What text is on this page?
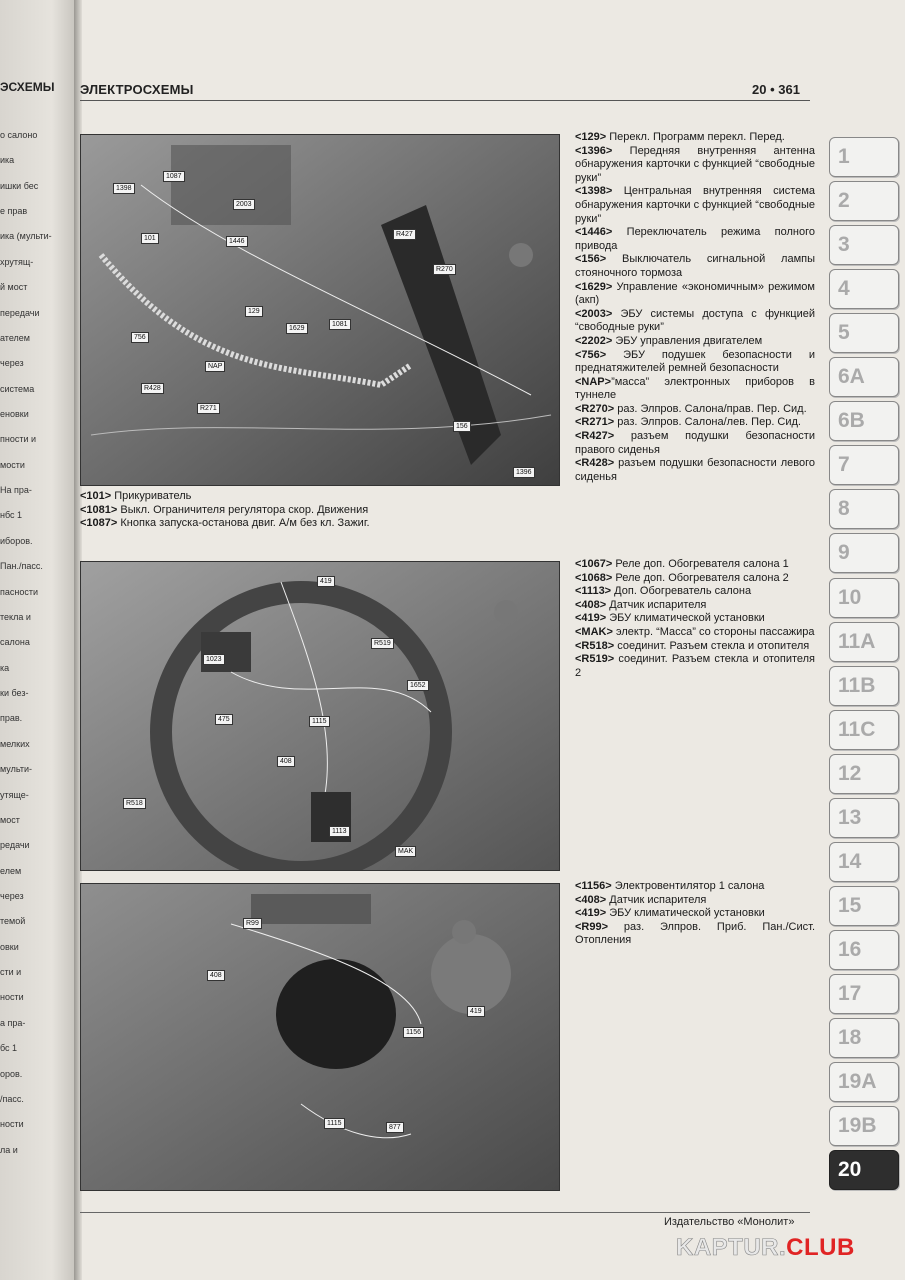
ЭСХЕМЫ
о салоно
ика
ишки бес
е прав
ика (мульти-
хрутящ-
й мост
передачи
ателем
через
система
еновки
пности и
мости
На пра-
нбс 1
иборов.
Пан./пасс.
пасности
текла и
салона
ка
ки без-
прав.
мелких
мульти-
утяще-
мост
редачи
елем
через
темой
овки
сти и
ности
а пра-
бс 1
оров.
/пасс.
ности
ла и
ЭЛЕКТРОСХЕМЫ	20 • 361
1398
1087
2003
101	1446
R427
R270
129
1629
1081
756
NAP
R428
R271
156
1396

<101> Прикуриватель

<1081> Выкл. Ограничителя регулятора скор. Движения

<1087> Кнопка запуска-останова двиг. А/м без кл. Зажиг.

<129> Перекл. Программ перекл. Перед.

<1396> Передняя внутренняя антенна обнаружения карточки с функцией “свободные руки”

<1398> Центральная внутренняя система обнаружения карточки с функцией “свободные руки”

<1446> Переключатель режима полного привода

<156> Выключатель сигнальной лампы стояночного тормоза

<1629> Управление «экономичным» режимом (акп)

<2003> ЭБУ системы доступа с функцией “свободные руки”

<2202> ЭБУ управления двигателем

<756> ЭБУ подушек безопасности и преднатяжителей ремней безопасности

<NAP>”масса” электронных приборов в туннеле

<R270> раз. Элпров. Салона/прав. Пер. Сид.

<R271> раз. Элпров. Салона/лев. Пер. Сид.

<R427> разъем подушки безопасности правого сиденья

<R428> разъем подушки безопасности левого сиденья

419
R519
1023
1652
475	1115
408
R518
1113
MAK

<1067> Реле доп. Обогревателя салона 1

<1068> Реле доп. Обогревателя салона 2

<1113> Доп. Обогреватель салона

<408> Датчик испарителя

<419> ЭБУ климатической установки

<MAK> электр. “Масса” со стороны пассажира

<R518> соединит. Разъем стекла и отопителя

<R519> соединит. Разъем стекла и отопителя 2

R99
408
1156
419
1115
877

<1156> Электровентилятор 1 салона

<408> Датчик испарителя

<419> ЭБУ климатической установки

<R99> раз. Элпров. Приб. Пан./Сист. Отопления

1
2
3
4
5
6A
6B
7
8
9
10
11A
11B
11C
12
13
14
15
16
17
18
19A
19B
20
Издательство «Монолит»
KAPTUR.CLUB
